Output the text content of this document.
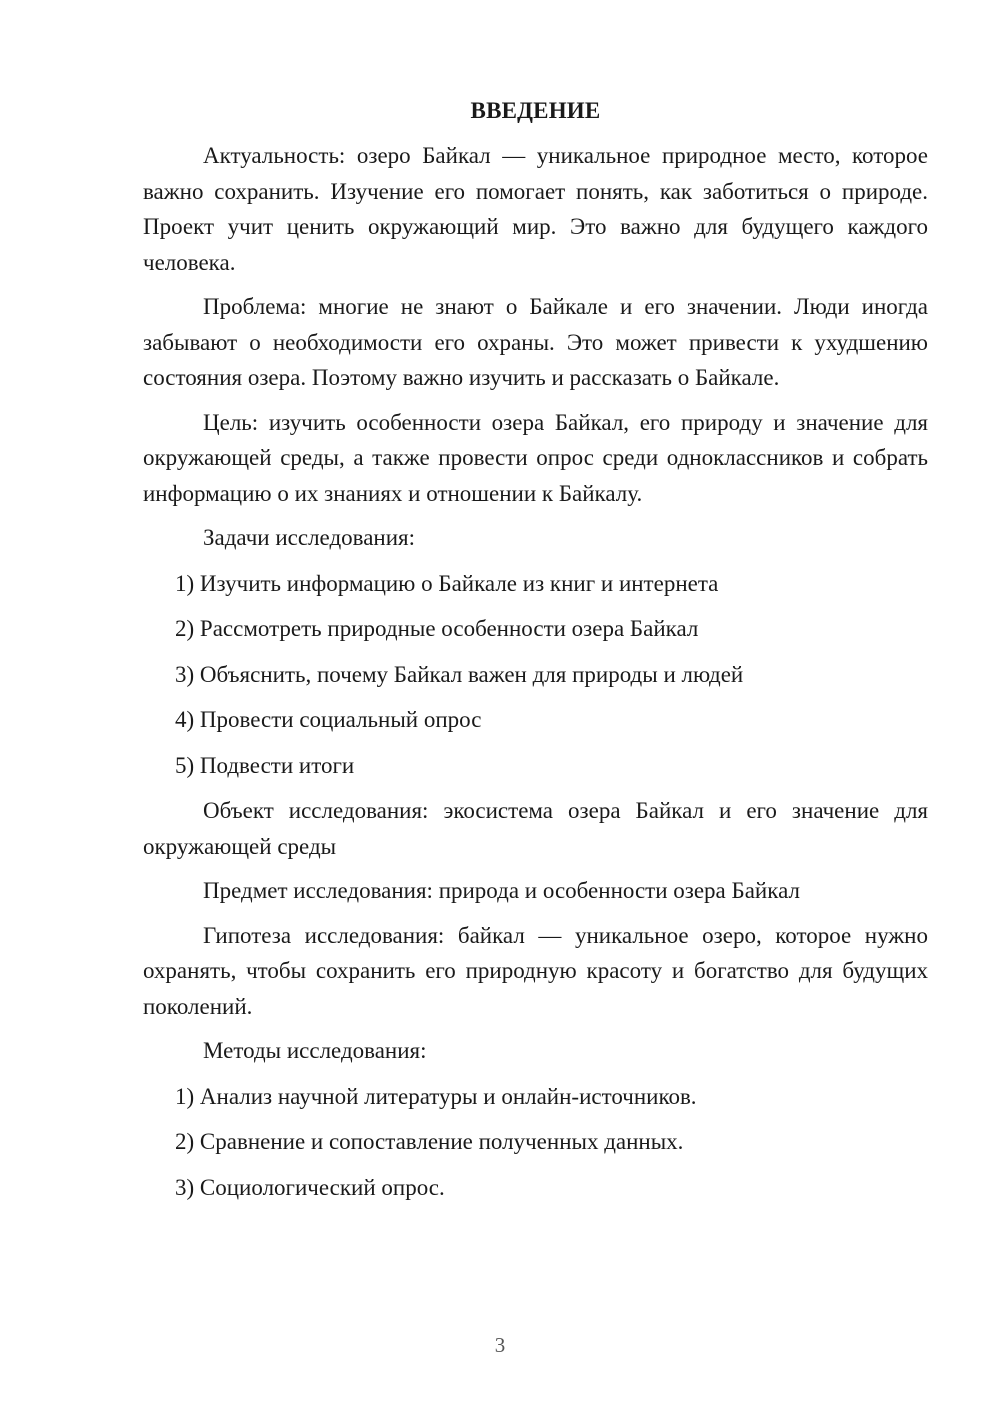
ВВЕДЕНИЕ

Актуальность: озеро Байкал — уникальное природное место, которое важно сохранить. Изучение его помогает понять, как заботиться о природе. Проект учит ценить окружающий мир. Это важно для будущего каждого человека.

Проблема: многие не знают о Байкале и его значении. Люди иногда забывают о необходимости его охраны. Это может привести к ухудшению состояния озера. Поэтому важно изучить и рассказать о Байкале.

Цель: изучить особенности озера Байкал, его природу и значение для окружающей среды, а также провести опрос среди одноклассников и собрать информацию о их знаниях и отношении к Байкалу.

Задачи исследования:

1) Изучить информацию о Байкале из книг и интернета

2) Рассмотреть природные особенности озера Байкал

3) Объяснить, почему Байкал важен для природы и людей

4) Провести социальный опрос

5) Подвести итоги

Объект исследования: экосистема озера Байкал и его значение для окружающей среды

Предмет исследования: природа и особенности озера Байкал

Гипотеза исследования: байкал — уникальное озеро, которое нужно охранять, чтобы сохранить его природную красоту и богатство для будущих поколений.

Методы исследования:

1) Анализ научной литературы и онлайн-источников.

2) Сравнение и сопоставление полученных данных.

3) Социологический опрос.

3
